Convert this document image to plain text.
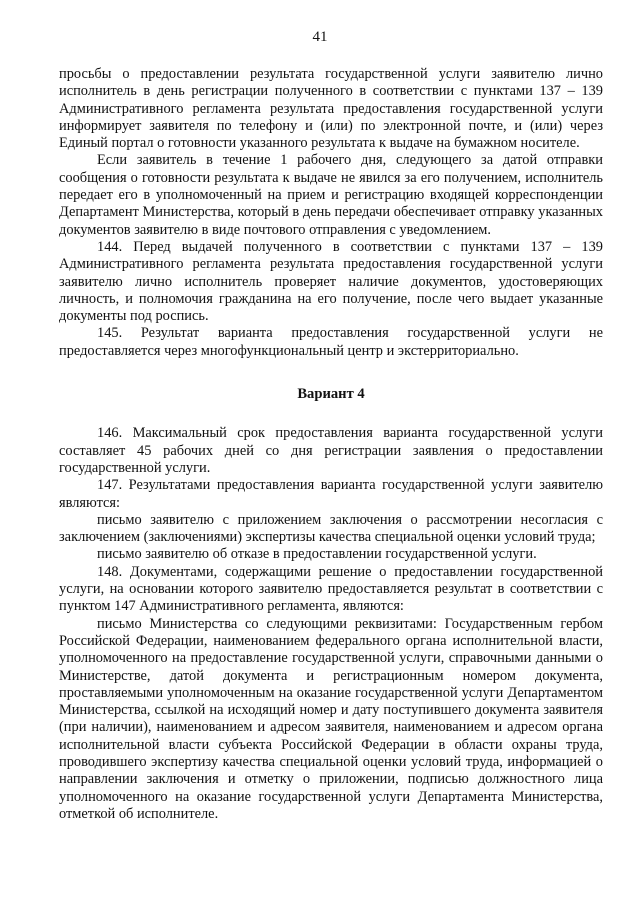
41

просьбы о предоставлении результата государственной услуги заявителю лично исполнитель в день регистрации полученного в соответствии с пунктами 137 – 139 Административного регламента результата предоставления государственной услуги информирует заявителя по телефону и (или) по электронной почте, и (или) через Единый портал о готовности указанного результата к выдаче на бумажном носителе.

Если заявитель в течение 1 рабочего дня, следующего за датой отправки сообщения о готовности результата к выдаче не явился за его получением, исполнитель передает его в уполномоченный на прием и регистрацию входящей корреспонденции Департамент Министерства, который в день передачи обеспечивает отправку указанных документов заявителю в виде почтового отправления с уведомлением.

144. Перед выдачей полученного в соответствии с пунктами 137 – 139 Административного регламента результата предоставления государственной услуги заявителю лично исполнитель проверяет наличие документов, удостоверяющих личность, и полномочия гражданина на его получение, после чего выдает указанные документы под роспись.

145. Результат варианта предоставления государственной услуги не предоставляется через многофункциональный центр и экстерриториально.

Вариант 4

146. Максимальный срок предоставления варианта государственной услуги составляет 45 рабочих дней со дня регистрации заявления о предоставлении государственной услуги.

147. Результатами предоставления варианта государственной услуги заявителю являются:

письмо заявителю с приложением заключения о рассмотрении несогласия с заключением (заключениями) экспертизы качества специальной оценки условий труда;

письмо заявителю об отказе в предоставлении государственной услуги.

148. Документами, содержащими решение о предоставлении государственной услуги, на основании которого заявителю предоставляется результат в соответствии с пунктом 147 Административного регламента, являются:

письмо Министерства со следующими реквизитами: Государственным гербом Российской Федерации, наименованием федерального органа исполнительной власти, уполномоченного на предоставление государственной услуги, справочными данными о Министерстве, датой документа и регистрационным номером документа, проставляемыми уполномоченным на оказание государственной услуги Департаментом Министерства, ссылкой на исходящий номер и дату поступившего документа заявителя (при наличии), наименованием и адресом заявителя, наименованием и адресом органа исполнительной власти субъекта Российской Федерации в области охраны труда, проводившего экспертизу качества специальной оценки условий труда, информацией о направлении заключения и отметку о приложении, подписью должностного лица уполномоченного на оказание государственной услуги Департамента Министерства, отметкой об исполнителе.
